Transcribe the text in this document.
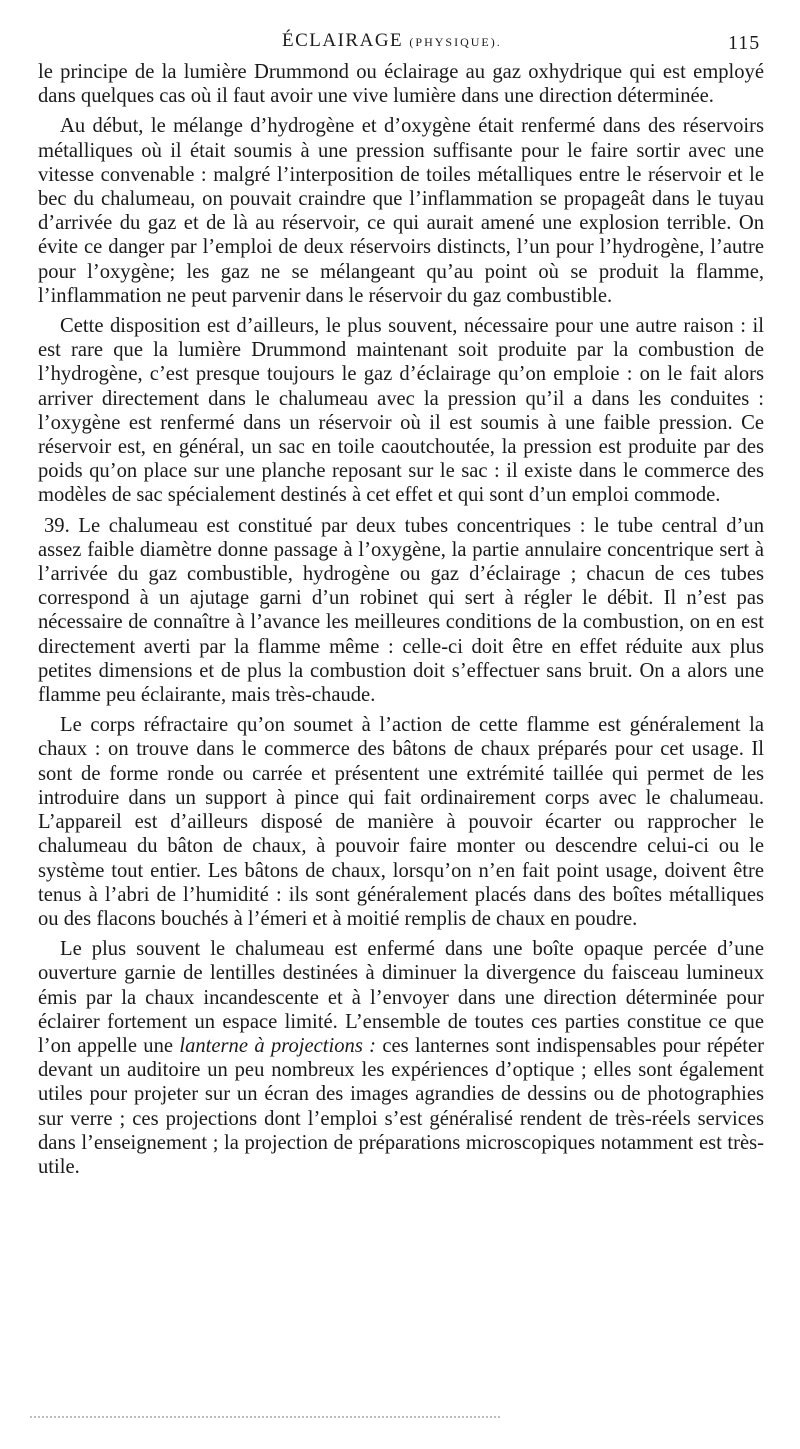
ÉCLAIRAGE (PHYSIQUE).	115

le principe de la lumière Drummond ou éclairage au gaz oxhydrique qui est employé dans quelques cas où il faut avoir une vive lumière dans une direction déterminée.

Au début, le mélange d’hydrogène et d’oxygène était renfermé dans des réservoirs métalliques où il était soumis à une pression suffisante pour le faire sortir avec une vitesse convenable : malgré l’interposition de toiles métalliques entre le réservoir et le bec du chalumeau, on pouvait craindre que l’inflammation se propageât dans le tuyau d’arrivée du gaz et de là au réservoir, ce qui aurait amené une explosion terrible. On évite ce danger par l’emploi de deux réservoirs distincts, l’un pour l’hydrogène, l’autre pour l’oxygène; les gaz ne se mélangeant qu’au point où se produit la flamme, l’inflammation ne peut parvenir dans le réservoir du gaz combustible.

Cette disposition est d’ailleurs, le plus souvent, nécessaire pour une autre raison : il est rare que la lumière Drummond maintenant soit produite par la combustion de l’hydrogène, c’est presque toujours le gaz d’éclairage qu’on emploie : on le fait alors arriver directement dans le chalumeau avec la pression qu’il a dans les conduites : l’oxygène est renfermé dans un réservoir où il est soumis à une faible pression. Ce réservoir est, en général, un sac en toile caoutchoutée, la pression est produite par des poids qu’on place sur une planche reposant sur le sac : il existe dans le commerce des modèles de sac spécialement destinés à cet effet et qui sont d’un emploi commode.

39. Le chalumeau est constitué par deux tubes concentriques : le tube central d’un assez faible diamètre donne passage à l’oxygène, la partie annulaire concentrique sert à l’arrivée du gaz combustible, hydrogène ou gaz d’éclairage ; chacun de ces tubes correspond à un ajutage garni d’un robinet qui sert à régler le débit. Il n’est pas nécessaire de connaître à l’avance les meilleures conditions de la combustion, on en est directement averti par la flamme même : celle-ci doit être en effet réduite aux plus petites dimensions et de plus la combustion doit s’effectuer sans bruit. On a alors une flamme peu éclairante, mais très-chaude.

Le corps réfractaire qu’on soumet à l’action de cette flamme est généralement la chaux : on trouve dans le commerce des bâtons de chaux préparés pour cet usage. Il sont de forme ronde ou carrée et présentent une extrémité taillée qui permet de les introduire dans un support à pince qui fait ordinairement corps avec le chalumeau. L’appareil est d’ailleurs disposé de manière à pouvoir écarter ou rapprocher le chalumeau du bâton de chaux, à pouvoir faire monter ou descendre celui-ci ou le système tout entier. Les bâtons de chaux, lorsqu’on n’en fait point usage, doivent être tenus à l’abri de l’humidité : ils sont généralement placés dans des boîtes métalliques ou des flacons bouchés à l’émeri et à moitié remplis de chaux en poudre.

Le plus souvent le chalumeau est enfermé dans une boîte opaque percée d’une ouverture garnie de lentilles destinées à diminuer la divergence du faisceau lumineux émis par la chaux incandescente et à l’envoyer dans une direction déterminée pour éclairer fortement un espace limité. L’ensemble de toutes ces parties constitue ce que l’on appelle une lanterne à projections : ces lanternes sont indispensables pour répéter devant un auditoire un peu nombreux les expériences d’optique ; elles sont également utiles pour projeter sur un écran des images agrandies de dessins ou de photographies sur verre ; ces projections dont l’emploi s’est généralisé rendent de très-réels services dans l’enseignement ; la projection de préparations microscopiques notamment est très-utile.
